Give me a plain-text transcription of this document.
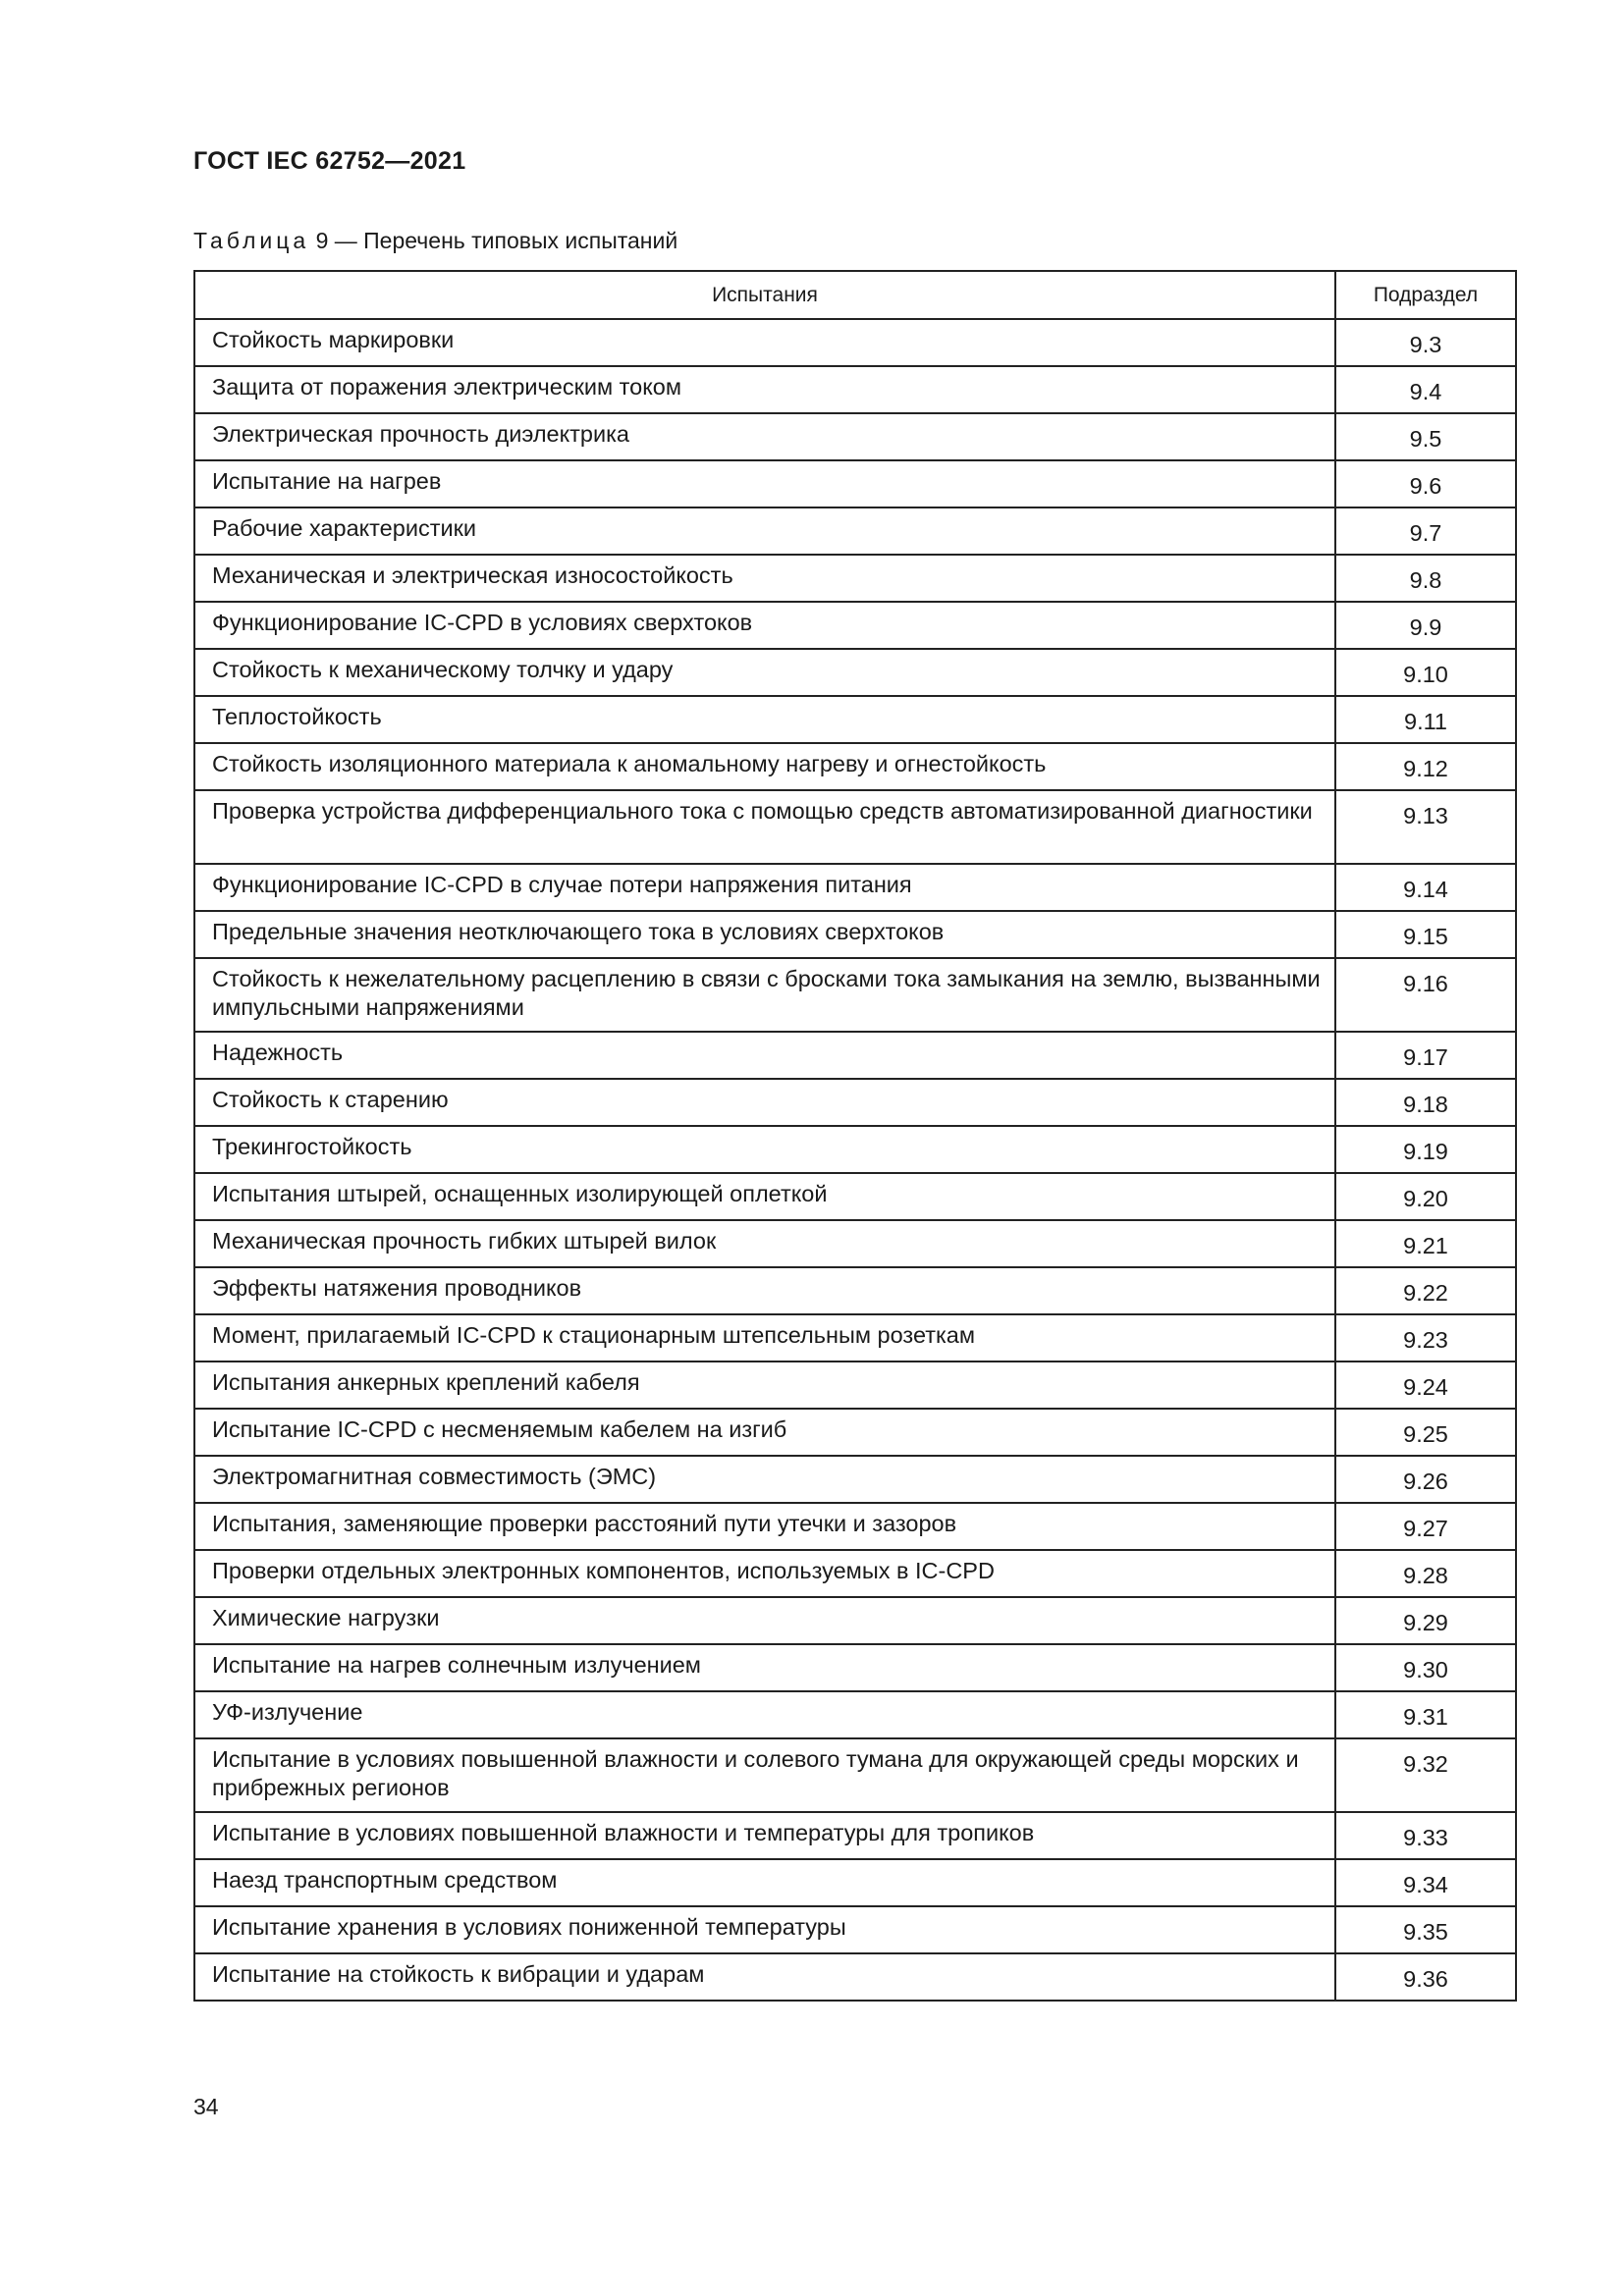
ГОСТ IEC 62752—2021
Таблица 9 — Перечень типовых испытаний
Испытания	Подраздел
Стойкость маркировки	9.3
Защита от поражения электрическим током	9.4
Электрическая прочность диэлектрика	9.5
Испытание на нагрев	9.6
Рабочие характеристики	9.7
Механическая и электрическая износостойкость	9.8
Функционирование IC-CPD в условиях сверхтоков	9.9
Стойкость к механическому толчку и удару	9.10
Теплостойкость	9.11
Стойкость изоляционного материала к аномальному нагреву и огнестойкость	9.12
Проверка устройства дифференциального тока с помощью средств автоматизированной диагностики	9.13
Функционирование IC-CPD в случае потери напряжения питания	9.14
Предельные значения неотключающего тока в условиях сверхтоков	9.15
Стойкость к нежелательному расцеплению в связи с бросками тока замыкания на землю, вызванными импульсными напряжениями	9.16
Надежность	9.17
Стойкость к старению	9.18
Трекингостойкость	9.19
Испытания штырей, оснащенных изолирующей оплеткой	9.20
Механическая прочность гибких штырей вилок	9.21
Эффекты натяжения проводников	9.22
Момент, прилагаемый IC-CPD к стационарным штепсельным розеткам	9.23
Испытания анкерных креплений кабеля	9.24
Испытание IC-CPD с несменяемым кабелем на изгиб	9.25
Электромагнитная совместимость (ЭМС)	9.26
Испытания, заменяющие проверки расстояний пути утечки и зазоров	9.27
Проверки отдельных электронных компонентов, используемых в IC-CPD	9.28
Химические нагрузки	9.29
Испытание на нагрев солнечным излучением	9.30
УФ-излучение	9.31
Испытание в условиях повышенной влажности и солевого тумана для окружающей среды морских и прибрежных регионов	9.32
Испытание в условиях повышенной влажности и температуры для тропиков	9.33
Наезд транспортным средством	9.34
Испытание хранения в условиях пониженной температуры	9.35
Испытание на стойкость к вибрации и ударам	9.36
34
